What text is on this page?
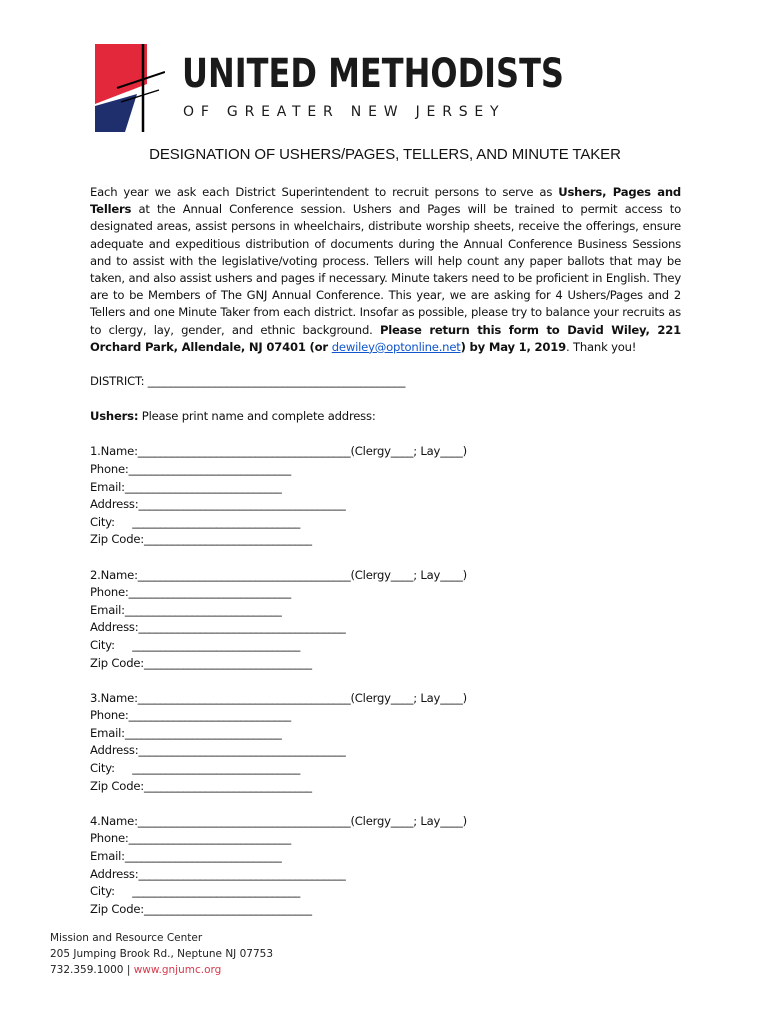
UNITED METHODISTS
OF GREATER NEW JERSEY
DESIGNATION OF USHERS/PAGES, TELLERS, AND MINUTE TAKER

Each year we ask each District Superintendent to recruit persons to serve as Ushers, Pages and Tellers at the Annual Conference session. Ushers and Pages will be trained to permit access to designated areas, assist persons in wheelchairs, distribute worship sheets, receive the offerings, ensure adequate and expeditious distribution of documents during the Annual Conference Business Sessions and to assist with the legislative/voting process. Tellers will help count any paper ballots that may be taken, and also assist ushers and pages if necessary. Minute takers need to be proficient in English. They are to be Members of The GNJ Annual Conference. This year, we are asking for 4 Ushers/Pages and 2 Tellers and one Minute Taker from each district. Insofar as possible, please try to balance your recruits as to clergy, lay, gender, and ethnic background. Please return this form to David Wiley, 221 Orchard Park, Allendale, NJ 07401 (or dewiley@optonline.net) by May 1, 2019. Thank you!

DISTRICT: ______________________________________________
Ushers: Please print name and complete address:
1.Name:______________________________________(Clergy____; Lay____)
Phone:_____________________________
Email:____________________________
Address:_____________________________________
City:     ______________________________
Zip Code:______________________________
2.Name:______________________________________(Clergy____; Lay____)
Phone:_____________________________
Email:____________________________
Address:_____________________________________
City:     ______________________________
Zip Code:______________________________
3.Name:______________________________________(Clergy____; Lay____)
Phone:_____________________________
Email:____________________________
Address:_____________________________________
City:     ______________________________
Zip Code:______________________________
4.Name:______________________________________(Clergy____; Lay____)
Phone:_____________________________
Email:____________________________
Address:_____________________________________
City:     ______________________________
Zip Code:______________________________
Mission and Resource Center
205 Jumping Brook Rd., Neptune NJ 07753
732.359.1000 | www.gnjumc.org
